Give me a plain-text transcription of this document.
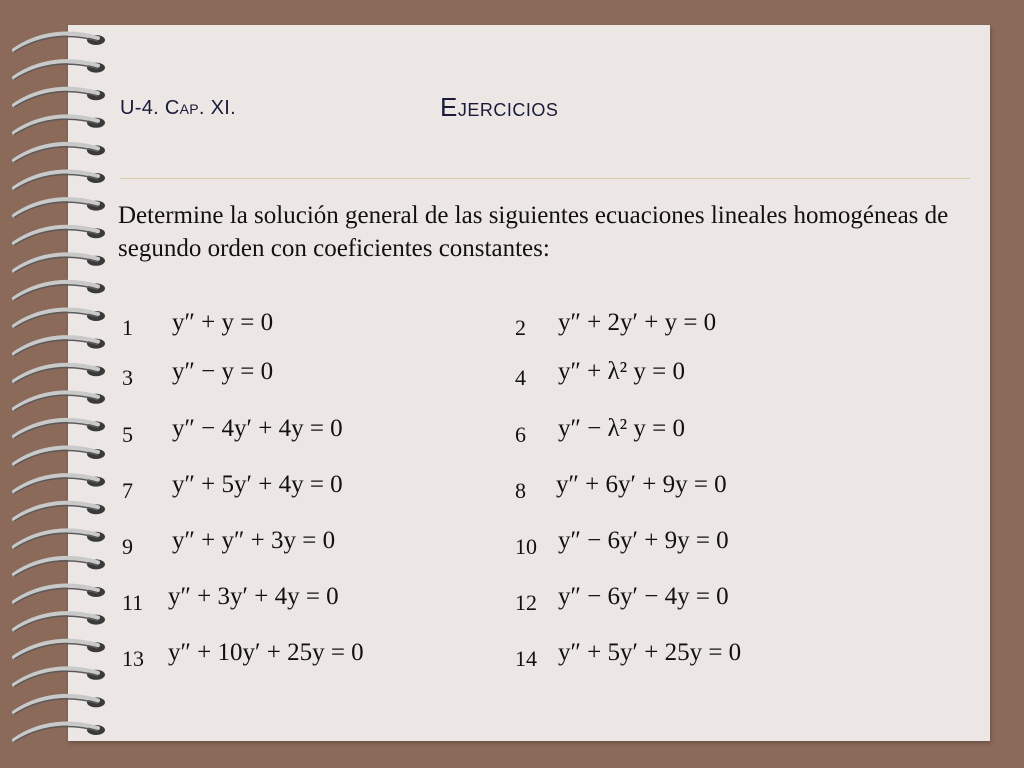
U-4. Cap. XI.	Ejercicios
Determine la solución general de las siguientes ecuaciones lineales homogéneas de segundo orden con coeficientes constantes:
1 y″ + y = 0
3 y″ − y = 0
5 y″ − 4y′ + 4y = 0
7 y″ + 5y′ + 4y = 0
9 y″ + y″ + 3y = 0
11 y″ + 3y′ + 4y = 0
13 y″ + 10y′ + 25y = 0
2 y″ + 2y′ + y = 0
4 y″ + λ² y = 0
6 y″ − λ² y = 0
8 y″ + 6y′ + 9y = 0
10 y″ − 6y′ + 9y = 0
12 y″ − 6y′ − 4y = 0
14 y″ + 5y′ + 25y = 0
